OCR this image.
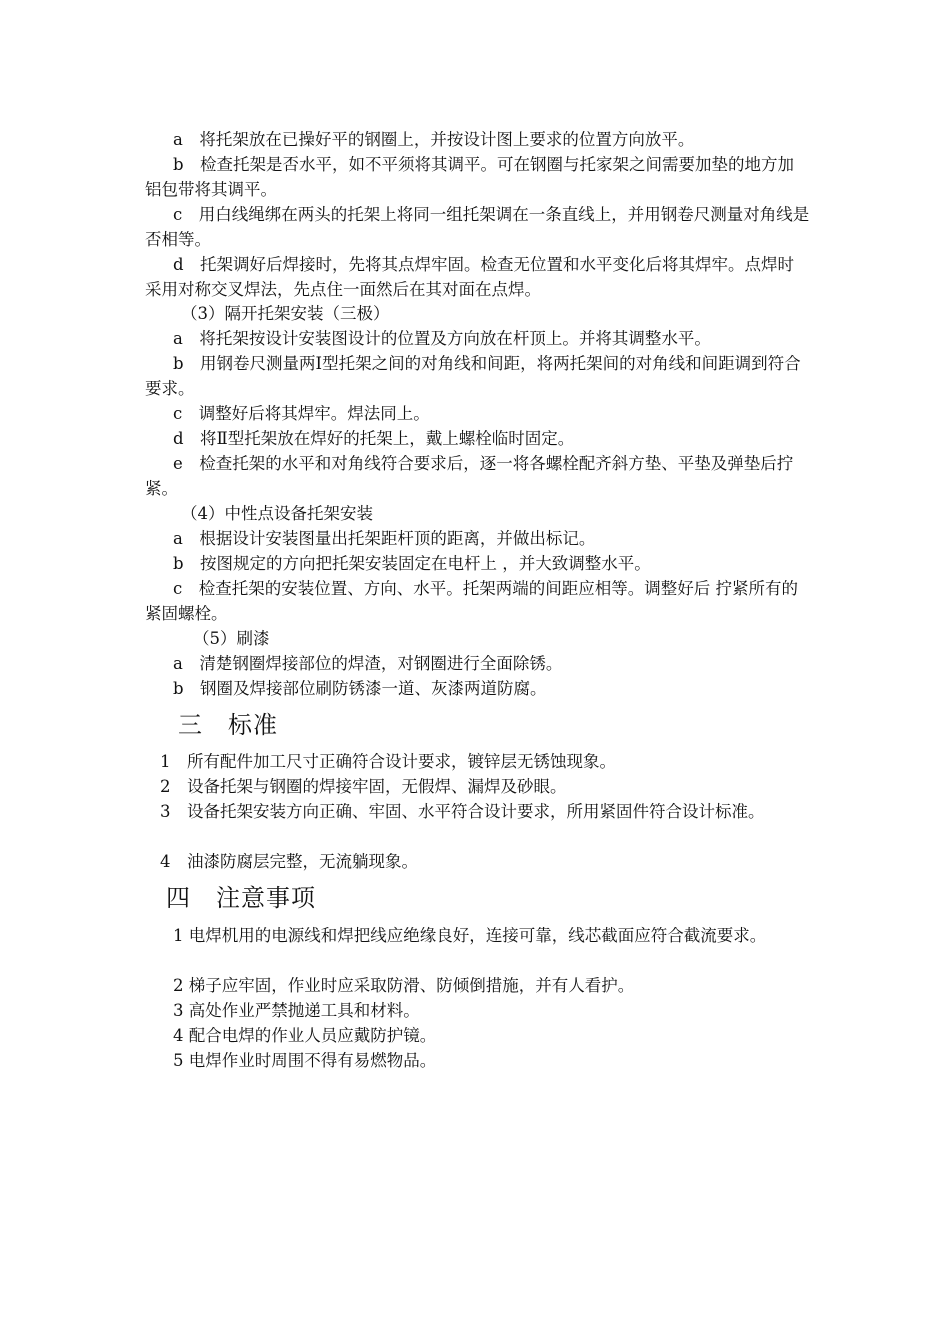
a　将托架放在已操好平的钢圈上，并按设计图上要求的位置方向放平。
b　检查托架是否水平，如不平须将其调平。可在钢圈与托家架之间需要加垫的地方加铝包带将其调平。
c　用白线绳绑在两头的托架上将同一组托架调在一条直线上，并用钢卷尺测量对角线是否相等。
d　托架调好后焊接时，先将其点焊牢固。检查无位置和水平变化后将其焊牢。点焊时采用对称交叉焊法，先点住一面然后在其对面在点焊。
（3）隔开托架安装（三极）
a　将托架按设计安装图设计的位置及方向放在杆顶上。并将其调整水平。
b　用钢卷尺测量两Ⅰ型托架之间的对角线和间距，将两托架间的对角线和间距调到符合要求。
c　调整好后将其焊牢。焊法同上。
d　将Ⅱ型托架放在焊好的托架上，戴上螺栓临时固定。
e　检查托架的水平和对角线符合要求后，逐一将各螺栓配齐斜方垫、平垫及弹垫后拧紧。
（4）中性点设备托架安装
a　根据设计安装图量出托架距杆顶的距离，并做出标记。
b　按图规定的方向把托架安装固定在电杆上 ，并大致调整水平。
c　检查托架的安装位置、方向、水平。托架两端的间距应相等。调整好后 拧紧所有的紧固螺栓。
（5）刷漆
a　清楚钢圈焊接部位的焊渣，对钢圈进行全面除锈。
b　钢圈及焊接部位刷防锈漆一道、灰漆两道防腐。
三　标准
1　所有配件加工尺寸正确符合设计要求，镀锌层无锈蚀现象。
2　设备托架与钢圈的焊接牢固，无假焊、漏焊及砂眼。
3　设备托架安装方向正确、牢固、水平符合设计要求，所用紧固件符合设计标准。
4　油漆防腐层完整，无流躺现象。
四　注意事项
1 电焊机用的电源线和焊把线应绝缘良好，连接可靠，线芯截面应符合截流要求。
2 梯子应牢固，作业时应采取防滑、防倾倒措施，并有人看护。
3 高处作业严禁抛递工具和材料。
4 配合电焊的作业人员应戴防护镜。
5 电焊作业时周围不得有易燃物品。
